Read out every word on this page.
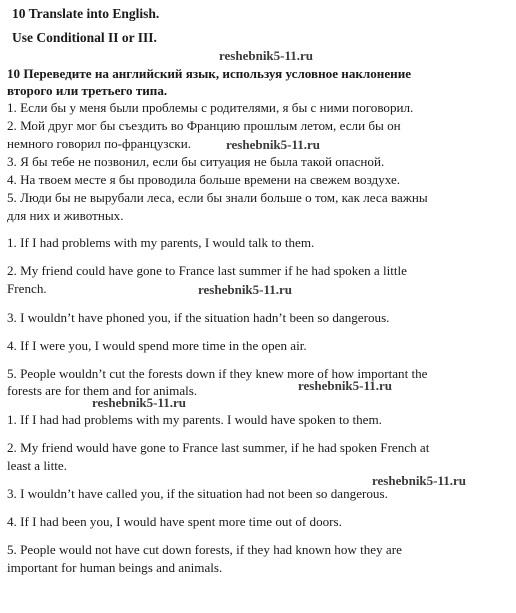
10 Translate into English.
Use Conditional II or III.
10 Переведите на английский язык, используя условное наклонение
второго или третьего типа.
1. Если бы у меня были проблемы с родителями, я бы с ними поговорил.
2. Мой друг мог бы съездить во Францию прошлым летом, если бы он
немного говорил по-французски.
3. Я бы тебе не позвонил, если бы ситуация не была такой опасной.
4. На твоем месте я бы проводила больше времени на свежем воздухе.
5. Люди бы не вырубали леса, если бы знали больше о том, как леса важны
для них и животных.
1. If I had problems with my parents, I would talk to them.
2. My friend could have gone to France last summer if he had spoken a little
French.
3. I wouldn’t have phoned you, if the situation hadn’t been so dangerous.
4. If I were you, I would spend more time in the open air.
5. People wouldn’t cut the forests down if they knew more of how important the
forests are for them and for animals.
1. If I had had problems with my parents. I would have spoken to them.
2. My friend would have gone to France last summer, if he had spoken French at
least a litte.
3. I wouldn’t have called you, if the situation had not been so dangerous.
4. If I had been you, I would have spent more time out of doors.
5. People would not have cut down forests, if they had known how they are
important for human beings and animals.
reshebnik5-11.ru
reshebnik5-11.ru
reshebnik5-11.ru
reshebnik5-11.ru
reshebnik5-11.ru
reshebnik5-11.ru
